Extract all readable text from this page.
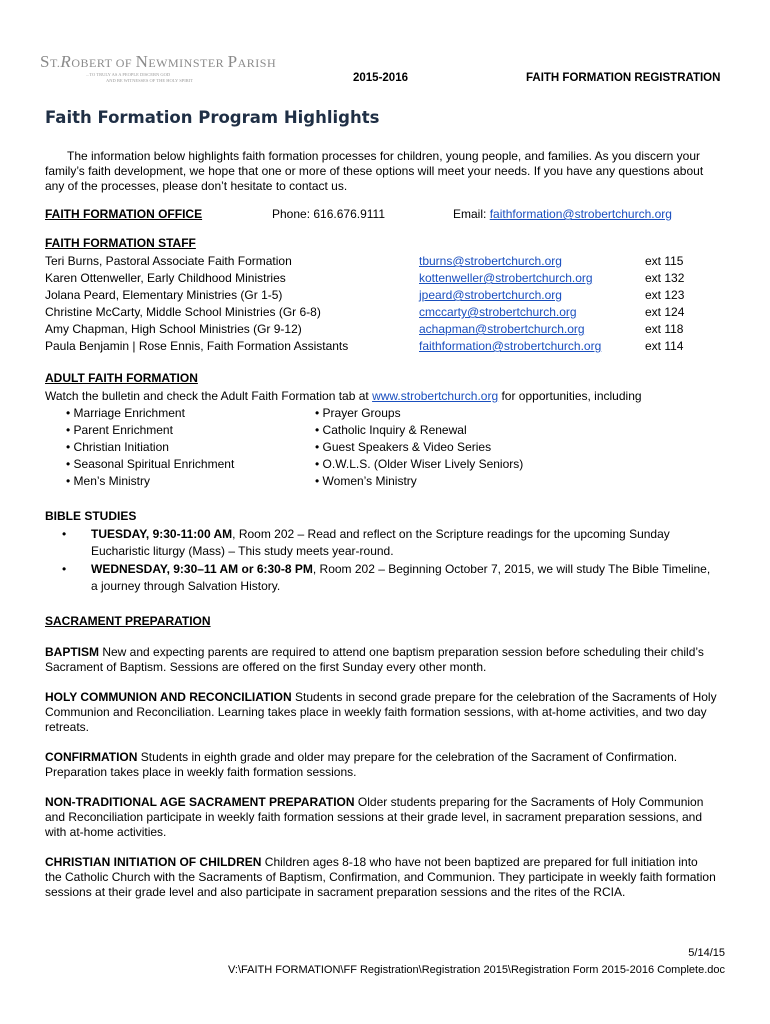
ST.ROBERT OF NEWMINSTER PARISH
...TO TRULY AS A PEOPLE DISCERN GOD
AND BE WITNESSES OF THE HOLY SPIRIT	2015-2016	FAITH FORMATION REGISTRATION
Faith Formation Program Highlights

The information below highlights faith formation processes for children, young people, and families. As you discern your family’s faith development, we hope that one or more of these options will meet your needs. If you have any questions about any of the processes, please don’t hesitate to contact us.

FAITH FORMATION OFFICE	Phone: 616.676.9111	Email: faithformation@strobertchurch.org
FAITH FORMATION STAFF
Teri Burns, Pastoral Associate Faith Formation	tburns@strobertchurch.org	ext 115
Karen Ottenweller, Early Childhood Ministries	kottenweller@strobertchurch.org	ext 132
Jolana Peard, Elementary Ministries (Gr 1-5)	jpeard@strobertchurch.org	ext 123
Christine McCarty, Middle School Ministries (Gr 6-8)	cmccarty@strobertchurch.org	ext 124
Amy Chapman, High School Ministries (Gr 9-12)	achapman@strobertchurch.org	ext 118
Paula Benjamin | Rose Ennis, Faith Formation Assistants	faithformation@strobertchurch.org	ext 114
ADULT FAITH FORMATION
Watch the bulletin and check the Adult Faith Formation tab at www.strobertchurch.org for opportunities, including
• Marriage Enrichment
• Parent Enrichment
• Christian Initiation
• Seasonal Spiritual Enrichment
• Men’s Ministry
• Prayer Groups
• Catholic Inquiry & Renewal
• Guest Speakers & Video Series
• O.W.L.S. (Older Wiser Lively Seniors)
• Women’s Ministry
BIBLE STUDIES
• TUESDAY, 9:30-11:00 AM, Room 202 – Read and reflect on the Scripture readings for the upcoming Sunday Eucharistic liturgy (Mass) – This study meets year-round.
• WEDNESDAY, 9:30–11 AM or 6:30-8 PM, Room 202 – Beginning October 7, 2015, we will study The Bible Timeline, a journey through Salvation History.
SACRAMENT PREPARATION

BAPTISM New and expecting parents are required to attend one baptism preparation session before scheduling their child’s Sacrament of Baptism. Sessions are offered on the first Sunday every other month.

HOLY COMMUNION AND RECONCILIATION Students in second grade prepare for the celebration of the Sacraments of Holy Communion and Reconciliation. Learning takes place in weekly faith formation sessions, with at-home activities, and two day retreats.

CONFIRMATION Students in eighth grade and older may prepare for the celebration of the Sacrament of Confirmation. Preparation takes place in weekly faith formation sessions.

NON-TRADITIONAL AGE SACRAMENT PREPARATION Older students preparing for the Sacraments of Holy Communion and Reconciliation participate in weekly faith formation sessions at their grade level, in sacrament preparation sessions, and with at-home activities.

CHRISTIAN INITIATION OF CHILDREN Children ages 8-18 who have not been baptized are prepared for full initiation into the Catholic Church with the Sacraments of Baptism, Confirmation, and Communion. They participate in weekly faith formation sessions at their grade level and also participate in sacrament preparation sessions and the rites of the RCIA.

5/14/15
V:\FAITH FORMATION\FF Registration\Registration 2015\Registration Form 2015-2016 Complete.doc
